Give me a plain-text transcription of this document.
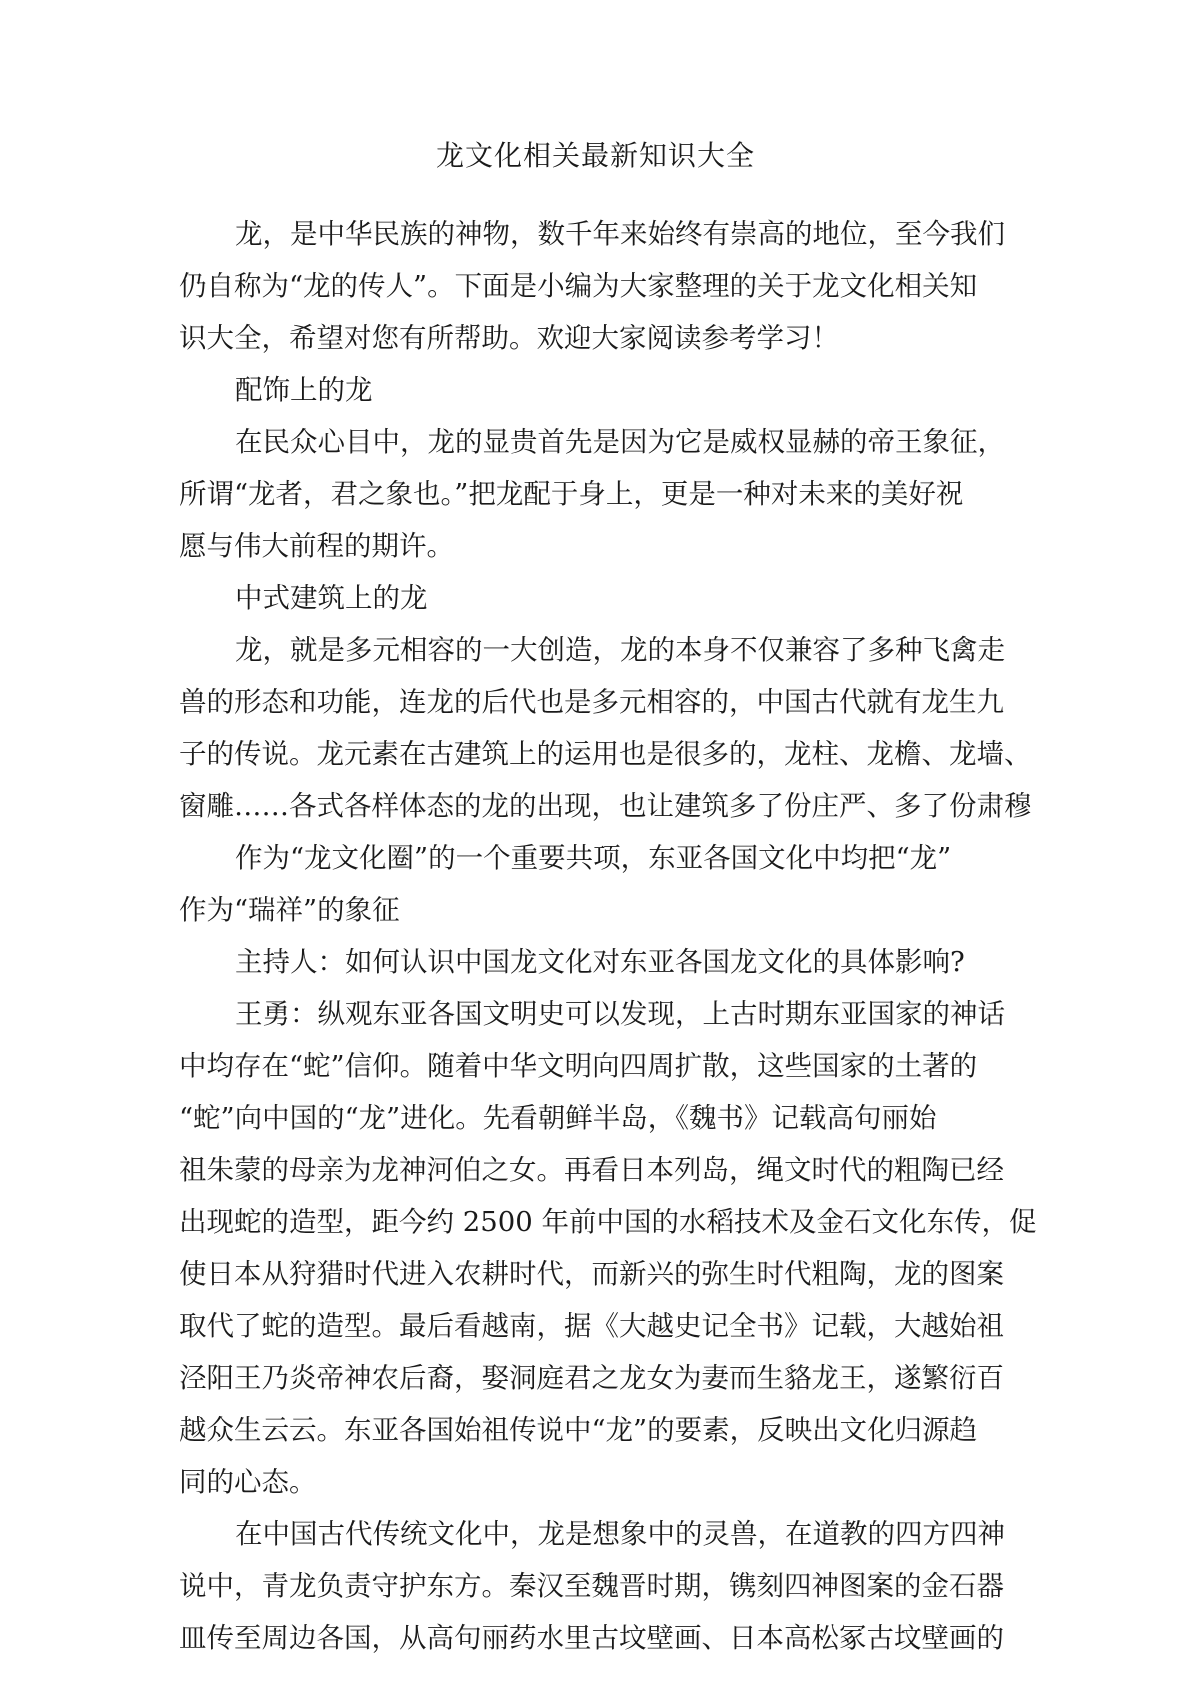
龙文化相关最新知识大全
龙，是中华民族的神物，数千年来始终有崇高的地位，至今我们
仍自称为“龙的传人”。下面是小编为大家整理的关于龙文化相关知
识大全，希望对您有所帮助。欢迎大家阅读参考学习！
配饰上的龙
在民众心目中，龙的显贵首先是因为它是威权显赫的帝王象征，
所谓“龙者，君之象也。”把龙配于身上，更是一种对未来的美好祝
愿与伟大前程的期许。
中式建筑上的龙
龙，就是多元相容的一大创造，龙的本身不仅兼容了多种飞禽走
兽的形态和功能，连龙的后代也是多元相容的，中国古代就有龙生九
子的传说。龙元素在古建筑上的运用也是很多的，龙柱、龙檐、龙墙、
窗雕……各式各样体态的龙的出现，也让建筑多了份庄严、多了份肃穆
作为“龙文化圈”的一个重要共项，东亚各国文化中均把“龙”
作为“瑞祥”的象征
主持人：如何认识中国龙文化对东亚各国龙文化的具体影响?
王勇：纵观东亚各国文明史可以发现，上古时期东亚国家的神话
中均存在“蛇”信仰。随着中华文明向四周扩散，这些国家的土著的
“蛇”向中国的“龙”进化。先看朝鲜半岛，《魏书》记载高句丽始
祖朱蒙的母亲为龙神河伯之女。再看日本列岛，绳文时代的粗陶已经
出现蛇的造型，距今约 2500 年前中国的水稻技术及金石文化东传，促
使日本从狩猎时代进入农耕时代，而新兴的弥生时代粗陶，龙的图案
取代了蛇的造型。最后看越南，据《大越史记全书》记载，大越始祖
泾阳王乃炎帝神农后裔，娶洞庭君之龙女为妻而生貉龙王，遂繁衍百
越众生云云。东亚各国始祖传说中“龙”的要素，反映出文化归源趋
同的心态。
在中国古代传统文化中，龙是想象中的灵兽，在道教的四方四神
说中，青龙负责守护东方。秦汉至魏晋时期，镌刻四神图案的金石器
皿传至周边各国，从高句丽药水里古坟壁画、日本高松冢古坟壁画的
